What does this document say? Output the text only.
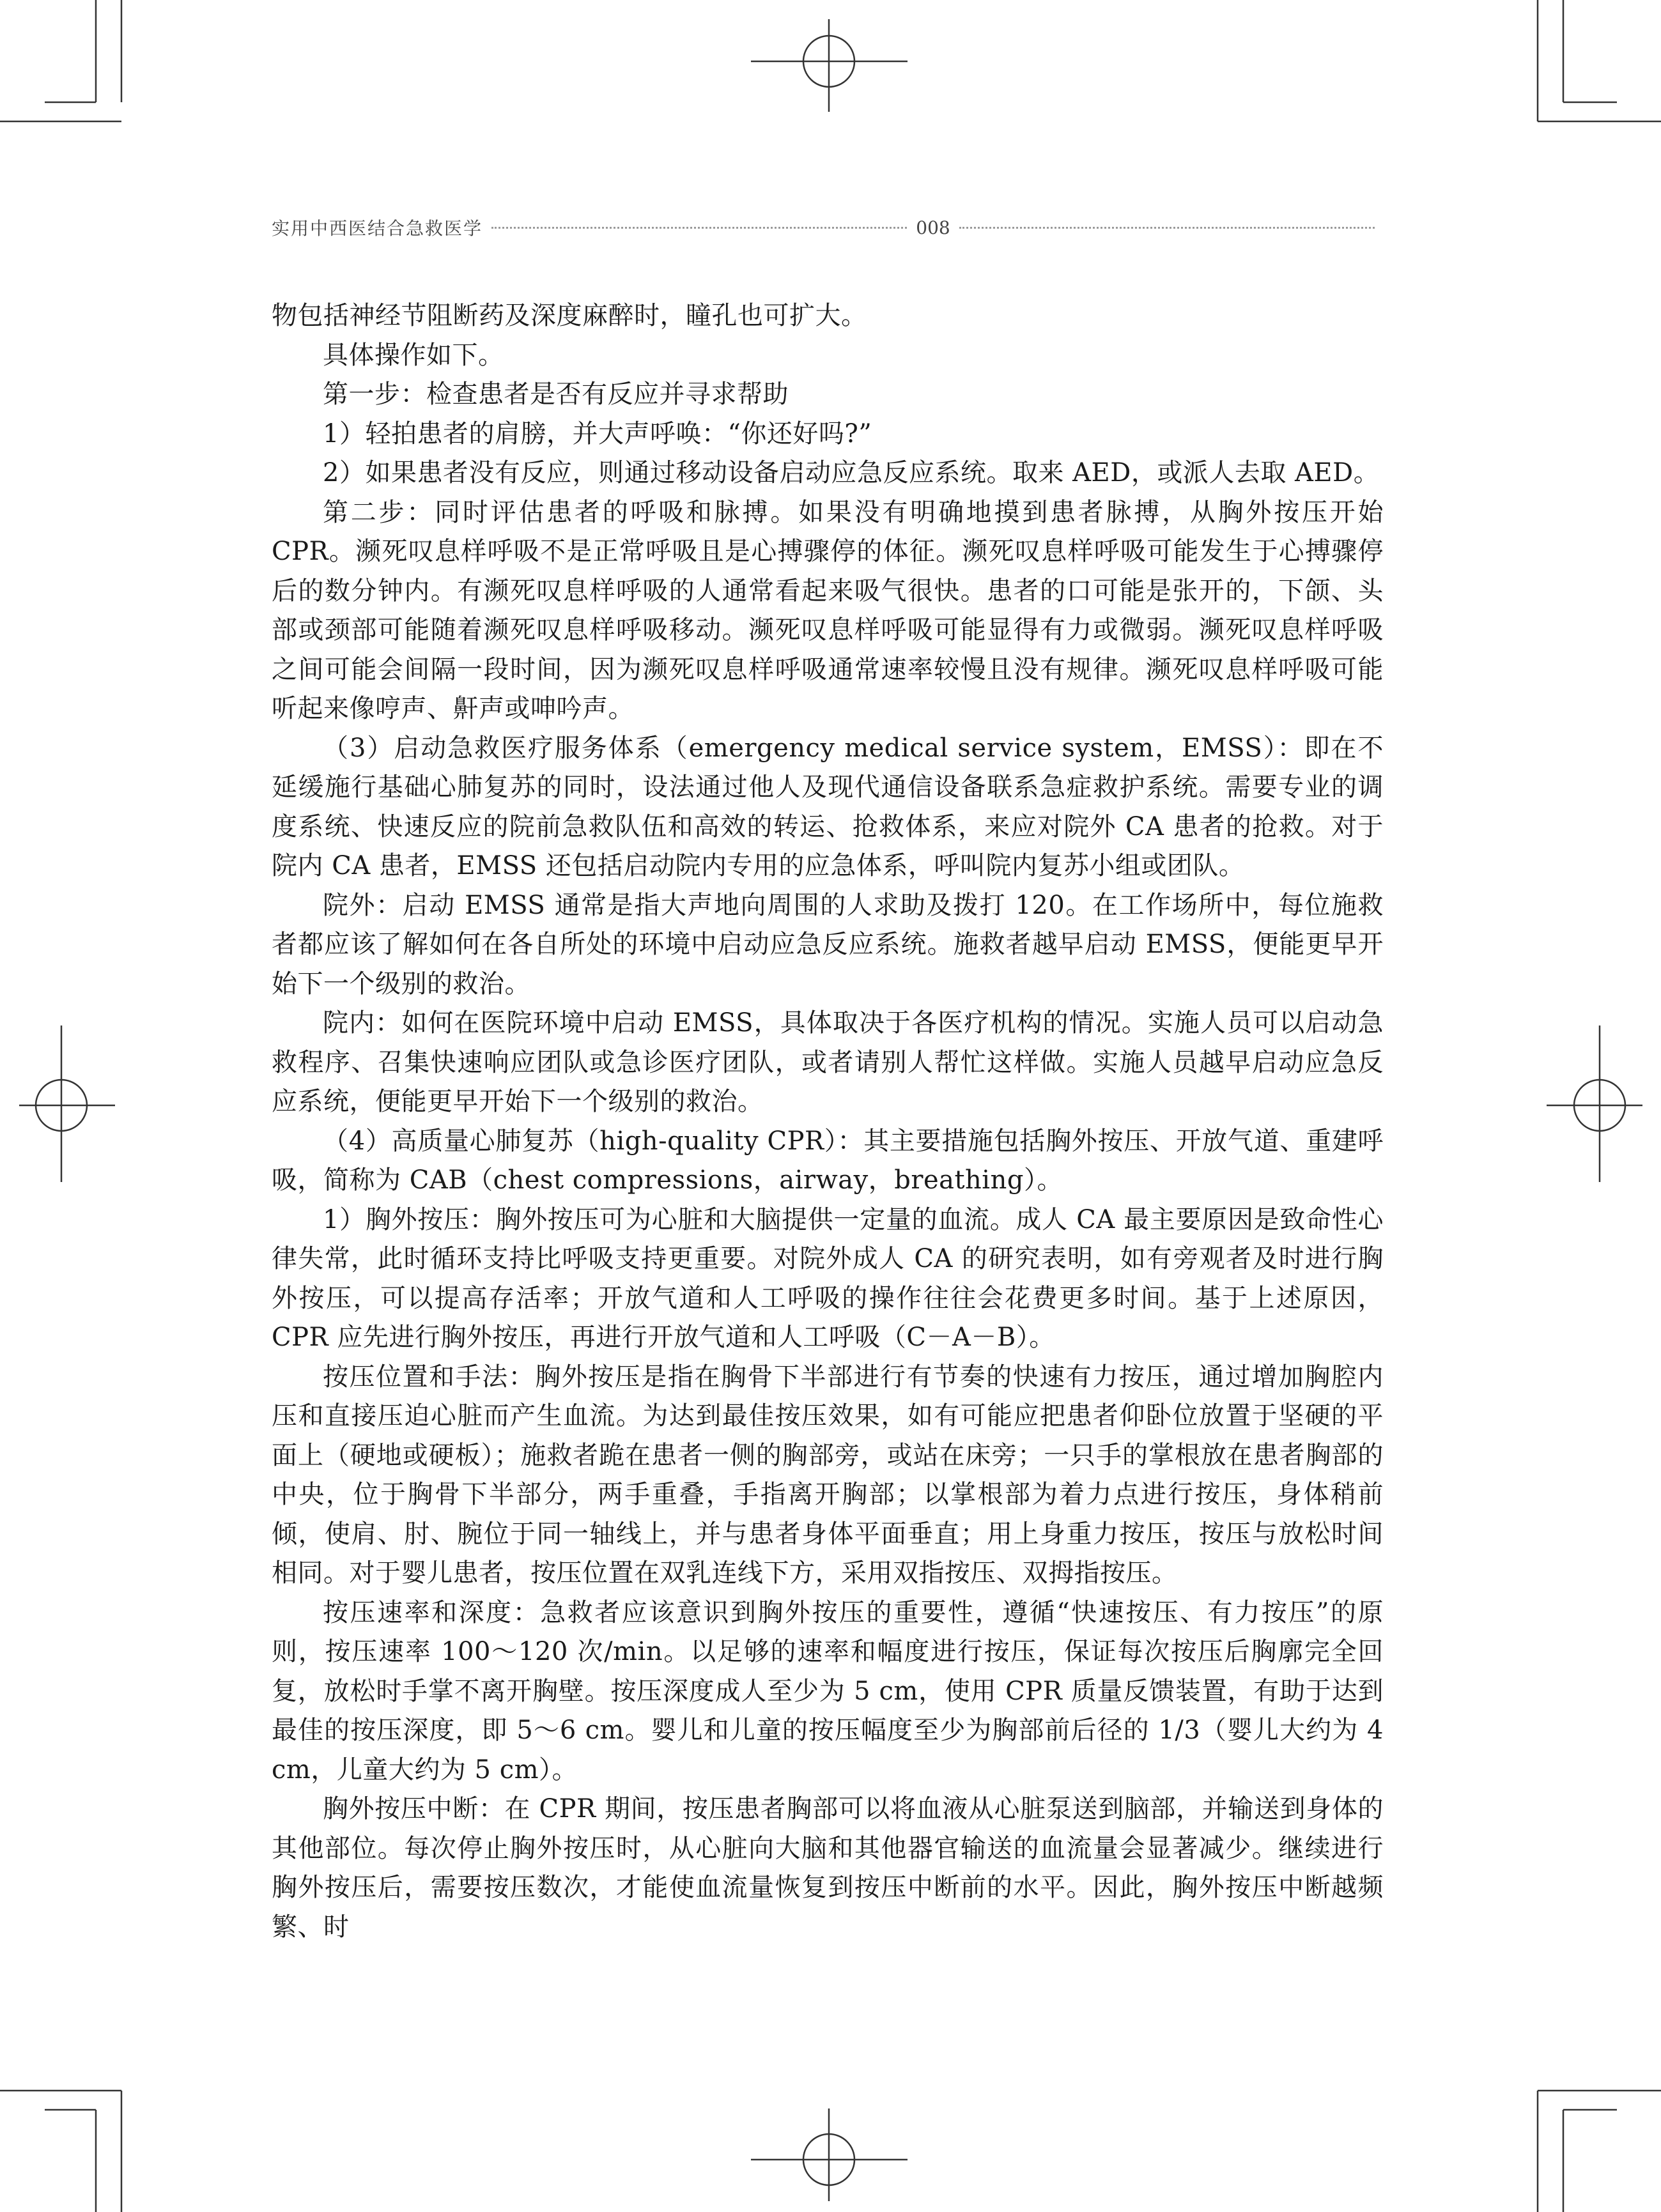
实用中西医结合急救医学	008

物包括神经节阻断药及深度麻醉时，瞳孔也可扩大。

具体操作如下。

第一步：检查患者是否有反应并寻求帮助

1）轻拍患者的肩膀，并大声呼唤：“你还好吗?”

2）如果患者没有反应，则通过移动设备启动应急反应系统。取来 AED，或派人去取 AED。

第二步：同时评估患者的呼吸和脉搏。如果没有明确地摸到患者脉搏，从胸外按压开始 CPR。濒死叹息样呼吸不是正常呼吸且是心搏骤停的体征。濒死叹息样呼吸可能发生于心搏骤停后的数分钟内。有濒死叹息样呼吸的人通常看起来吸气很快。患者的口可能是张开的，下颌、头部或颈部可能随着濒死叹息样呼吸移动。濒死叹息样呼吸可能显得有力或微弱。濒死叹息样呼吸之间可能会间隔一段时间，因为濒死叹息样呼吸通常速率较慢且没有规律。濒死叹息样呼吸可能听起来像哼声、鼾声或呻吟声。

（3）启动急救医疗服务体系（emergency medical service system，EMSS）：即在不延缓施行基础心肺复苏的同时，设法通过他人及现代通信设备联系急症救护系统。需要专业的调度系统、快速反应的院前急救队伍和高效的转运、抢救体系，来应对院外 CA 患者的抢救。对于院内 CA 患者，EMSS 还包括启动院内专用的应急体系，呼叫院内复苏小组或团队。

院外：启动 EMSS 通常是指大声地向周围的人求助及拨打 120。在工作场所中，每位施救者都应该了解如何在各自所处的环境中启动应急反应系统。施救者越早启动 EMSS，便能更早开始下一个级别的救治。

院内：如何在医院环境中启动 EMSS，具体取决于各医疗机构的情况。实施人员可以启动急救程序、召集快速响应团队或急诊医疗团队，或者请别人帮忙这样做。实施人员越早启动应急反应系统，便能更早开始下一个级别的救治。

（4）高质量心肺复苏（high-quality CPR）：其主要措施包括胸外按压、开放气道、重建呼吸，简称为 CAB（chest compressions，airway，breathing）。

1）胸外按压：胸外按压可为心脏和大脑提供一定量的血流。成人 CA 最主要原因是致命性心律失常，此时循环支持比呼吸支持更重要。对院外成人 CA 的研究表明，如有旁观者及时进行胸外按压，可以提高存活率；开放气道和人工呼吸的操作往往会花费更多时间。基于上述原因，CPR 应先进行胸外按压，再进行开放气道和人工呼吸（C－A－B）。

按压位置和手法：胸外按压是指在胸骨下半部进行有节奏的快速有力按压，通过增加胸腔内压和直接压迫心脏而产生血流。为达到最佳按压效果，如有可能应把患者仰卧位放置于坚硬的平面上（硬地或硬板）；施救者跪在患者一侧的胸部旁，或站在床旁；一只手的掌根放在患者胸部的中央，位于胸骨下半部分，两手重叠，手指离开胸部；以掌根部为着力点进行按压，身体稍前倾，使肩、肘、腕位于同一轴线上，并与患者身体平面垂直；用上身重力按压，按压与放松时间相同。对于婴儿患者，按压位置在双乳连线下方，采用双指按压、双拇指按压。

按压速率和深度：急救者应该意识到胸外按压的重要性，遵循“快速按压、有力按压”的原则，按压速率 100～120 次/min。以足够的速率和幅度进行按压，保证每次按压后胸廓完全回复，放松时手掌不离开胸壁。按压深度成人至少为 5 cm，使用 CPR 质量反馈装置，有助于达到最佳的按压深度，即 5～6 cm。婴儿和儿童的按压幅度至少为胸部前后径的 1/3（婴儿大约为 4 cm，儿童大约为 5 cm）。

胸外按压中断：在 CPR 期间，按压患者胸部可以将血液从心脏泵送到脑部，并输送到身体的其他部位。每次停止胸外按压时，从心脏向大脑和其他器官输送的血流量会显著减少。继续进行胸外按压后，需要按压数次，才能使血流量恢复到按压中断前的水平。因此，胸外按压中断越频繁、时
